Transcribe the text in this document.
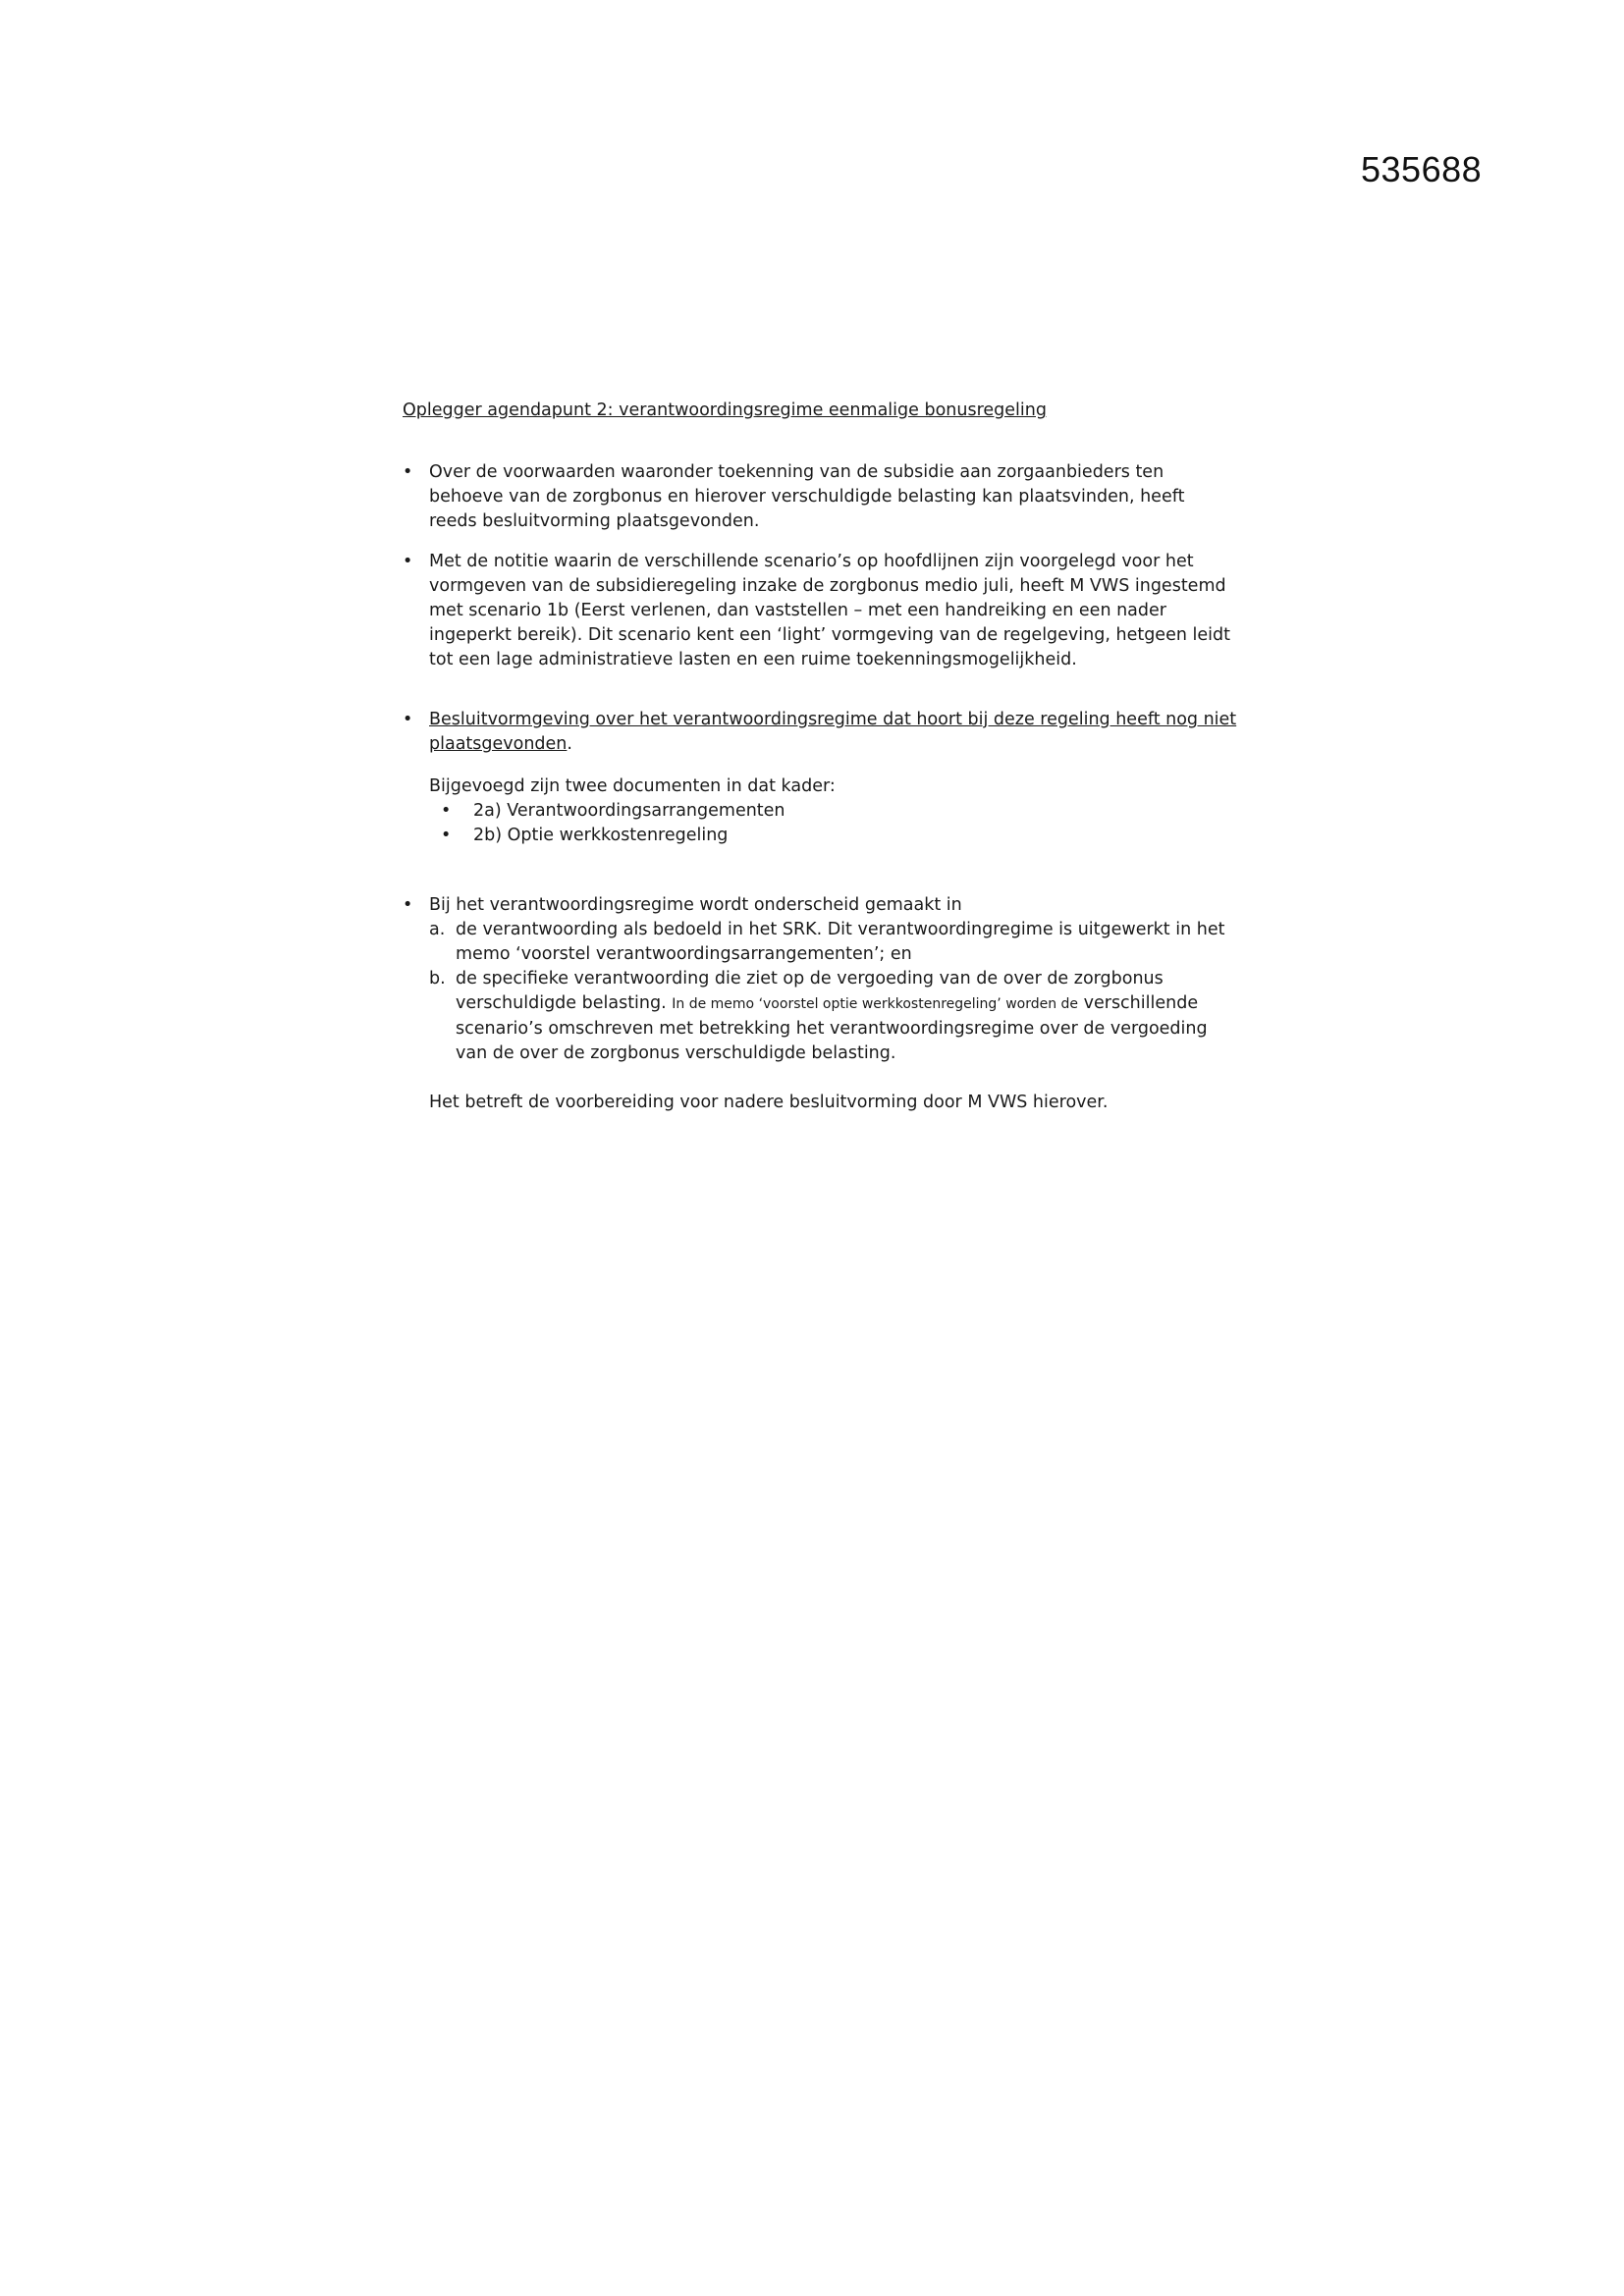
535688

Oplegger agendapunt 2: verantwoordingsregime eenmalige bonusregeling

• Over de voorwaarden waaronder toekenning van de subsidie aan zorgaanbieders ten behoeve van de zorgbonus en hierover verschuldigde belasting kan plaatsvinden, heeft reeds besluitvorming plaatsgevonden.
• Met de notitie waarin de verschillende scenario’s op hoofdlijnen zijn voorgelegd voor het vormgeven van de subsidieregeling inzake de zorgbonus medio juli, heeft M VWS ingestemd met scenario 1b (Eerst verlenen, dan vaststellen – met een handreiking en een nader ingeperkt bereik). Dit scenario kent een ‘light’ vormgeving van de regelgeving, hetgeen leidt tot een lage administratieve lasten en een ruime toekenningsmogelijkheid.
• Besluitvormgeving over het verantwoordingsregime dat hoort bij deze regeling heeft nog niet plaatsgevonden.
Bijgevoegd zijn twee documenten in dat kader:
• 2a) Verantwoordingsarrangementen
• 2b) Optie werkkostenregeling
• Bij het verantwoordingsregime wordt onderscheid gemaakt in
a. de verantwoording als bedoeld in het SRK. Dit verantwoordingregime is uitgewerkt in het memo ‘voorstel verantwoordingsarrangementen’; en
b. de specifieke verantwoording die ziet op de vergoeding van de over de zorgbonus verschuldigde belasting. In de memo ‘voorstel optie werkkostenregeling’ worden de verschillende scenario’s omschreven met betrekking het verantwoordingsregime over de vergoeding van de over de zorgbonus verschuldigde belasting.
Het betreft de voorbereiding voor nadere besluitvorming door M VWS hierover.
